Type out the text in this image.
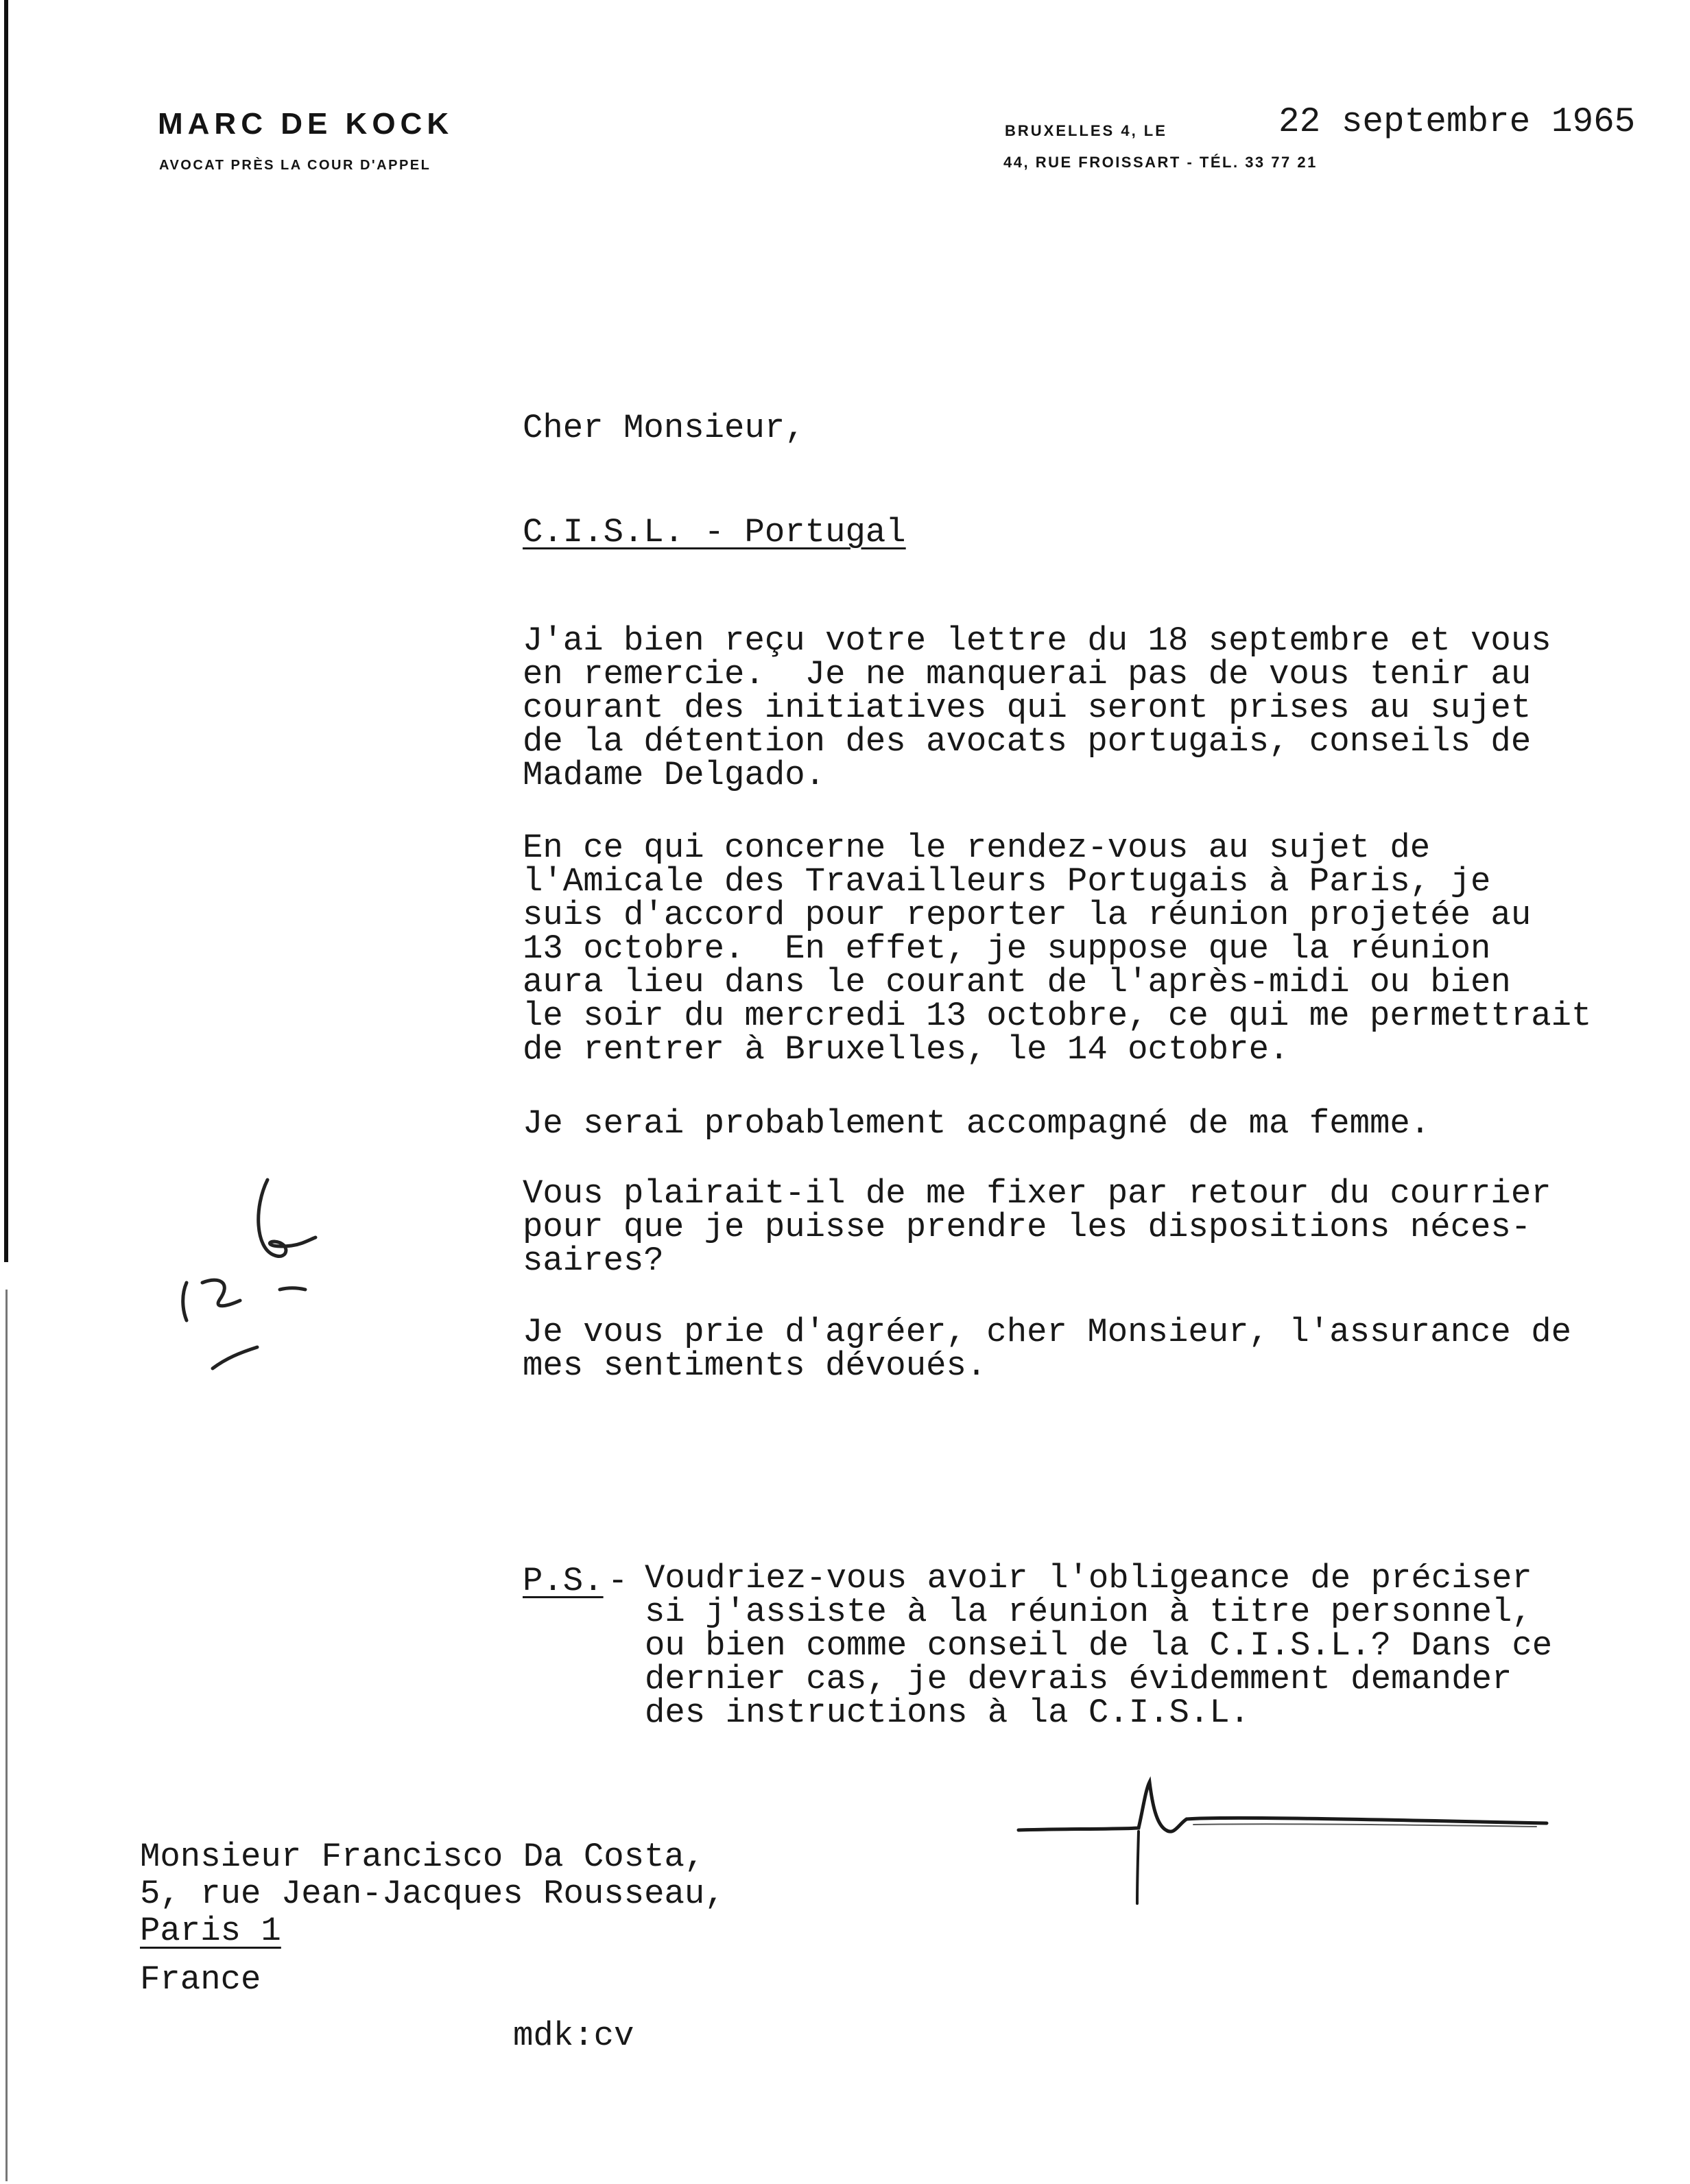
MARC DE KOCK
AVOCAT PRÈS LA COUR D'APPEL
BRUXELLES 4, LE
44, RUE FROISSART - TÉL. 33 77 21
22 septembre 1965
Cher Monsieur,
C.I.S.L. - Portugal
J'ai bien reçu votre lettre du 18 septembre et vous
en remercie.  Je ne manquerai pas de vous tenir au
courant des initiatives qui seront prises au sujet
de la détention des avocats portugais, conseils de
Madame Delgado.
En ce qui concerne le rendez-vous au sujet de
l'Amicale des Travailleurs Portugais à Paris, je
suis d'accord pour reporter la réunion projetée au
13 octobre.  En effet, je suppose que la réunion
aura lieu dans le courant de l'après-midi ou bien
le soir du mercredi 13 octobre, ce qui me permettrait
de rentrer à Bruxelles, le 14 octobre.
Je serai probablement accompagné de ma femme.
Vous plairait-il de me fixer par retour du courrier
pour que je puisse prendre les dispositions néces-
saires?
Je vous prie d'agréer, cher Monsieur, l'assurance de
mes sentiments dévoués.
P.S. - Voudriez-vous avoir l'obligeance de préciser
si j'assiste à la réunion à titre personnel,
ou bien comme conseil de la C.I.S.L.? Dans ce
dernier cas, je devrais évidemment demander
des instructions à la C.I.S.L.
Monsieur Francisco Da Costa,
5, rue Jean-Jacques Rousseau,
Paris 1
France
mdk:cv
